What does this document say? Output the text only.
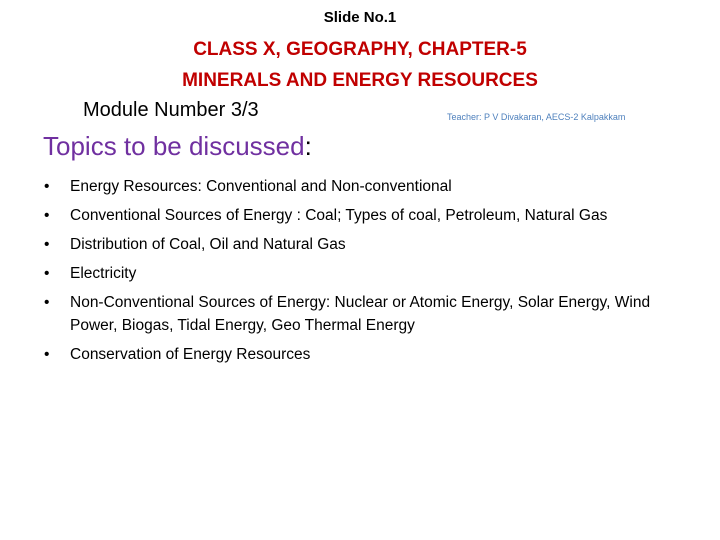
Slide No.1
CLASS X, GEOGRAPHY, CHAPTER-5
MINERALS AND ENERGY RESOURCES
Module Number 3/3	Teacher: P V Divakaran, AECS-2 Kalpakkam
Topics to be discussed:
• Energy Resources: Conventional and Non-conventional
• Conventional Sources of Energy : Coal; Types of coal, Petroleum, Natural Gas
• Distribution of Coal, Oil and Natural Gas
• Electricity
• Non-Conventional Sources of Energy: Nuclear or Atomic Energy, Solar Energy, Wind Power, Biogas, Tidal Energy, Geo Thermal Energy
• Conservation of Energy Resources
